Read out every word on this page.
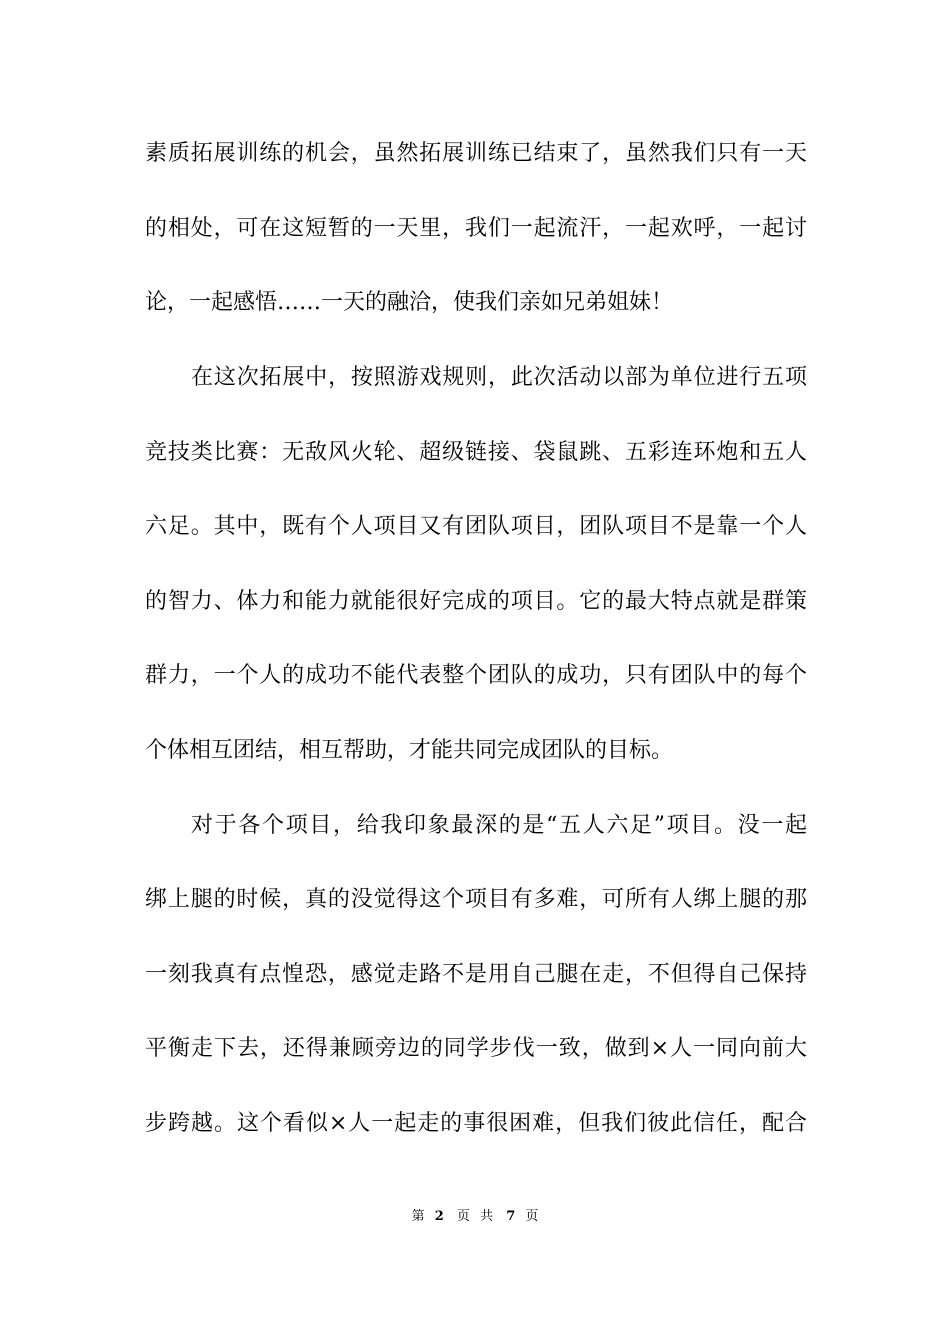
素质拓展训练的机会，虽然拓展训练已结束了，虽然我们只有一天
的相处，可在这短暂的一天里，我们一起流汗，一起欢呼，一起讨
论，一起感悟……一天的融洽，使我们亲如兄弟姐妹！
在这次拓展中，按照游戏规则，此次活动以部为单位进行五项
竞技类比赛：无敌风火轮、超级链接、袋鼠跳、五彩连环炮和五人
六足。其中，既有个人项目又有团队项目，团队项目不是靠一个人
的智力、体力和能力就能很好完成的项目。它的最大特点就是群策
群力，一个人的成功不能代表整个团队的成功，只有团队中的每个
个体相互团结，相互帮助，才能共同完成团队的目标。
对于各个项目，给我印象最深的是“五人六足”项目。没一起
绑上腿的时候，真的没觉得这个项目有多难，可所有人绑上腿的那
一刻我真有点惶恐，感觉走路不是用自己腿在走，不但得自己保持
平衡走下去，还得兼顾旁边的同学步伐一致，做到×人一同向前大
步跨越。这个看似×人一起走的事很困难，但我们彼此信任，配合
第 2 页 共 7 页
